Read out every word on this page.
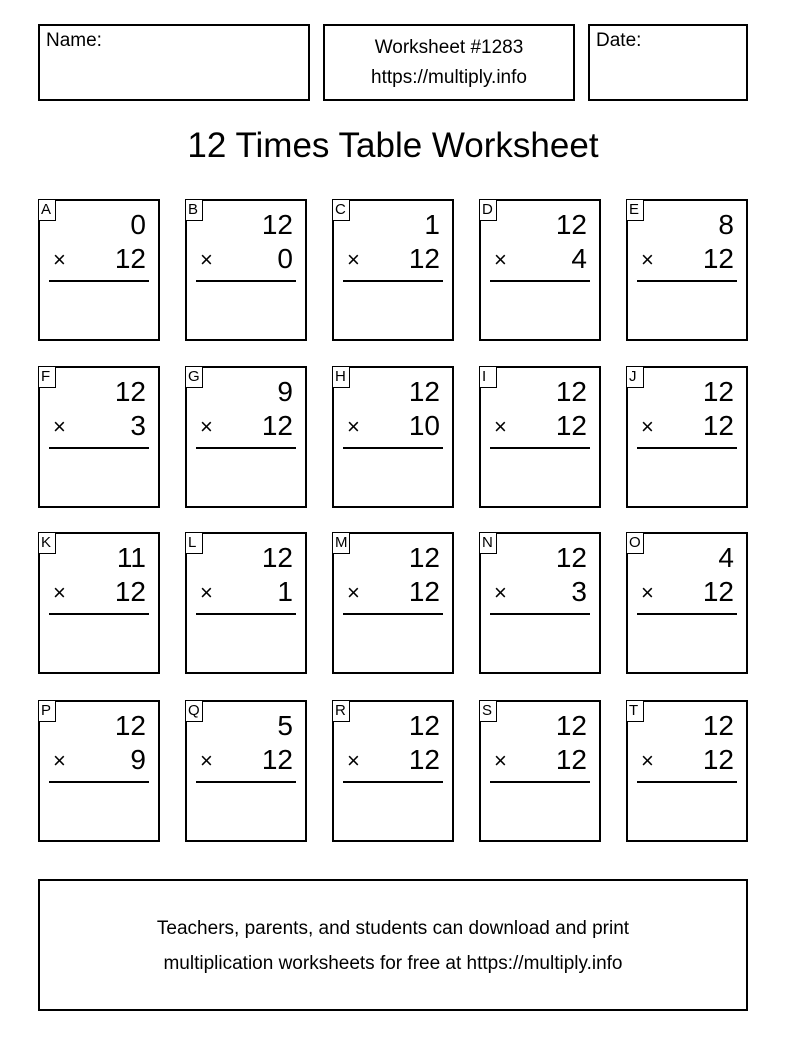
Name:	Worksheet #1283
https://multiply.info
Date:
12 Times Table Worksheet
A	0
× 12
B 12
× 0
C	1
× 12
D 12
× 4
E	8
× 12
F 12
× 3
G	9
× 12
H 12
× 10
I	12
× 12
J 12
× 12
K 11
× 12
L 12
× 1
M 12
× 12
N 12
× 3
O	4
× 12
P 12
× 9
Q	5
× 12
R 12
× 12
S 12
× 12
T 12
× 12
Teachers, parents, and students can download and print
multiplication worksheets for free at https://multiply.info
